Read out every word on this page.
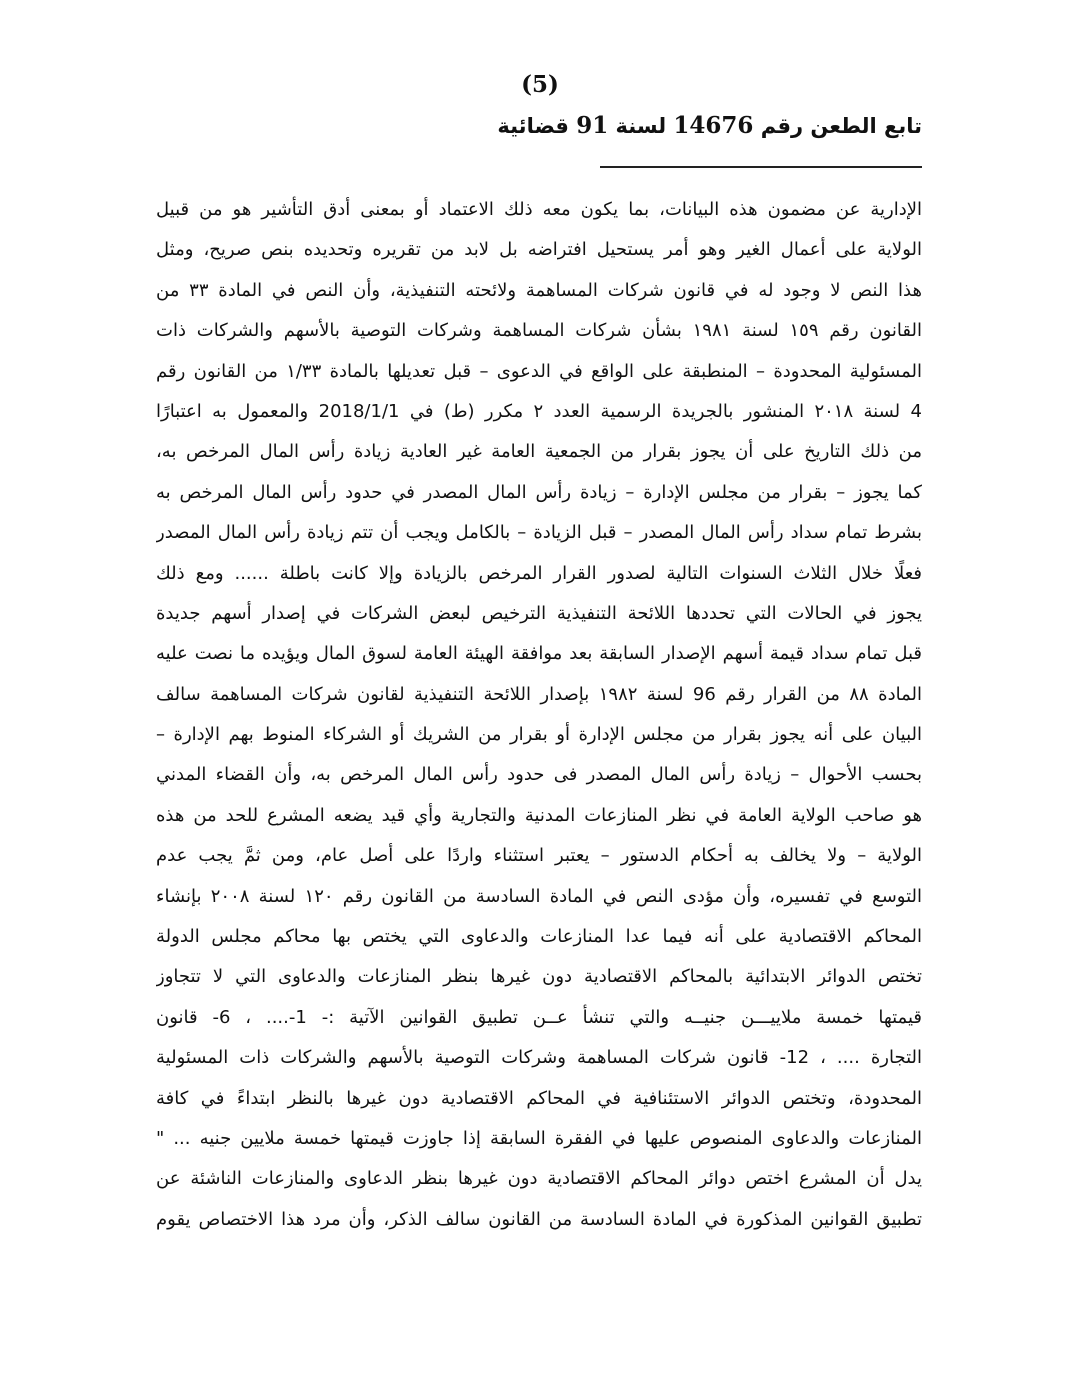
(5)
تابع الطعن رقم 14676 لسنة 91 قضائية
الإدارية عن مضمون هذه البيانات، بما يكون معه ذلك الاعتماد أو بمعنى أدق التأشير هو من قبيل
الولاية على أعمال الغير وهو أمر يستحيل افتراضه بل لابد من تقريره وتحديده بنص صريح، ومثل
هذا النص لا وجود له في قانون شركات المساهمة ولائحته التنفيذية، وأن النص في المادة ٣٣ من
القانون رقم ١٥٩ لسنة ١٩٨١ بشأن شركات المساهمة وشركات التوصية بالأسهم والشركات ذات
المسئولية المحدودة – المنطبقة على الواقع في الدعوى – قبل تعديلها بالمادة ١/٣٣ من القانون رقم
4 لسنة ٢٠١٨ المنشور بالجريدة الرسمية العدد ٢ مكرر (ط) في 2018/1/1 والمعمول به اعتبارًا
من ذلك التاريخ على أن يجوز بقرار من الجمعية العامة غير العادية زيادة رأس المال المرخص به،
كما يجوز – بقرار من مجلس الإدارة – زيادة رأس المال المصدر في حدود رأس المال المرخص به
بشرط تمام سداد رأس المال المصدر – قبل الزيادة – بالكامل ويجب أن تتم زيادة رأس المال المصدر
فعلًا خلال الثلاث السنوات التالية لصدور القرار المرخص بالزيادة وإلا كانت باطلة ...... ومع ذلك
يجوز في الحالات التي تحددها اللائحة التنفيذية الترخيص لبعض الشركات في إصدار أسهم جديدة
قبل تمام سداد قيمة أسهم الإصدار السابقة بعد موافقة الهيئة العامة لسوق المال ويؤيده ما نصت عليه
المادة ٨٨ من القرار رقم 96 لسنة ١٩٨٢ بإصدار اللائحة التنفيذية لقانون شركات المساهمة سالف
البيان على أنه يجوز بقرار من مجلس الإدارة أو بقرار من الشريك أو الشركاء المنوط بهم الإدارة –
بحسب الأحوال – زيادة رأس المال المصدر فى حدود رأس المال المرخص به، وأن القضاء المدني
هو صاحب الولاية العامة في نظر المنازعات المدنية والتجارية وأي قيد يضعه المشرع للحد من هذه
الولاية – ولا يخالف به أحكام الدستور – يعتبر استثناء واردًا على أصل عام، ومن ثمَّ يجب عدم
التوسع في تفسيره، وأن مؤدى النص في المادة السادسة من القانون رقم ١٢٠ لسنة ٢٠٠٨ بإنشاء
المحاكم الاقتصادية على أنه فيما عدا المنازعات والدعاوى التي يختص بها محاكم مجلس الدولة
تختص الدوائر الابتدائية بالمحاكم الاقتصادية دون غيرها بنظر المنازعات والدعاوى التي لا تتجاوز
قيمتها خمسة ملاييـــن جنيــه والتي تنشأ عــن تطبيق القوانين الآتية :- 1-.... ، 6- قانون
التجارة .... ، 12- قانون شركات المساهمة وشركات التوصية بالأسهم والشركات ذات المسئولية
المحدودة، وتختص الدوائر الاستئنافية في المحاكم الاقتصادية دون غيرها بالنظر ابتداءً في كافة
المنازعات والدعاوى المنصوص عليها في الفقرة السابقة إذا جاوزت قيمتها خمسة ملايين جنيه ... "
يدل أن المشرع اختص دوائر المحاكم الاقتصادية دون غيرها بنظر الدعاوى والمنازعات الناشئة عن
تطبيق القوانين المذكورة في المادة السادسة من القانون سالف الذكر، وأن مرد هذا الاختصاص يقوم
